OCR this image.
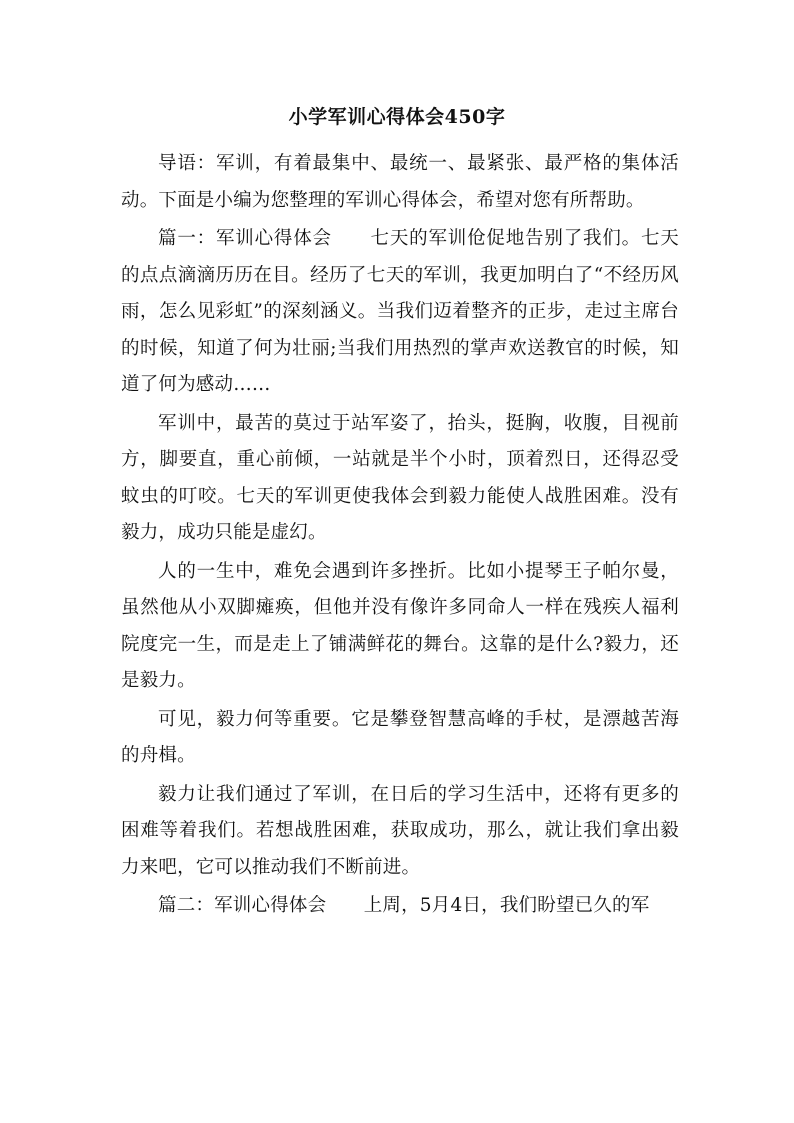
小学军训心得体会450字

导语：军训，有着最集中、最统一、最紧张、最严格的集体活动。下面是小编为您整理的军训心得体会，希望对您有所帮助。

篇一：军训心得体会　　七天的军训伧促地告别了我们。七天的点点滴滴历历在目。经历了七天的军训，我更加明白了“不经历风雨，怎么见彩虹”的深刻涵义。当我们迈着整齐的正步，走过主席台的时候，知道了何为壮丽;当我们用热烈的掌声欢送教官的时候，知道了何为感动……

军训中，最苦的莫过于站军姿了，抬头，挺胸，收腹，目视前方，脚要直，重心前倾，一站就是半个小时，顶着烈日，还得忍受蚊虫的叮咬。七天的军训更使我体会到毅力能使人战胜困难。没有毅力，成功只能是虚幻。

人的一生中，难免会遇到许多挫折。比如小提琴王子帕尔曼，虽然他从小双脚瘫痪，但他并没有像许多同命人一样在残疾人福利院度完一生，而是走上了铺满鲜花的舞台。这靠的是什么?毅力，还是毅力。

可见，毅力何等重要。它是攀登智慧高峰的手杖，是漂越苦海的舟楫。

毅力让我们通过了军训，在日后的学习生活中，还将有更多的困难等着我们。若想战胜困难，获取成功，那么，就让我们拿出毅力来吧，它可以推动我们不断前进。

篇二：军训心得体会　　上周，5月4日，我们盼望已久的军
